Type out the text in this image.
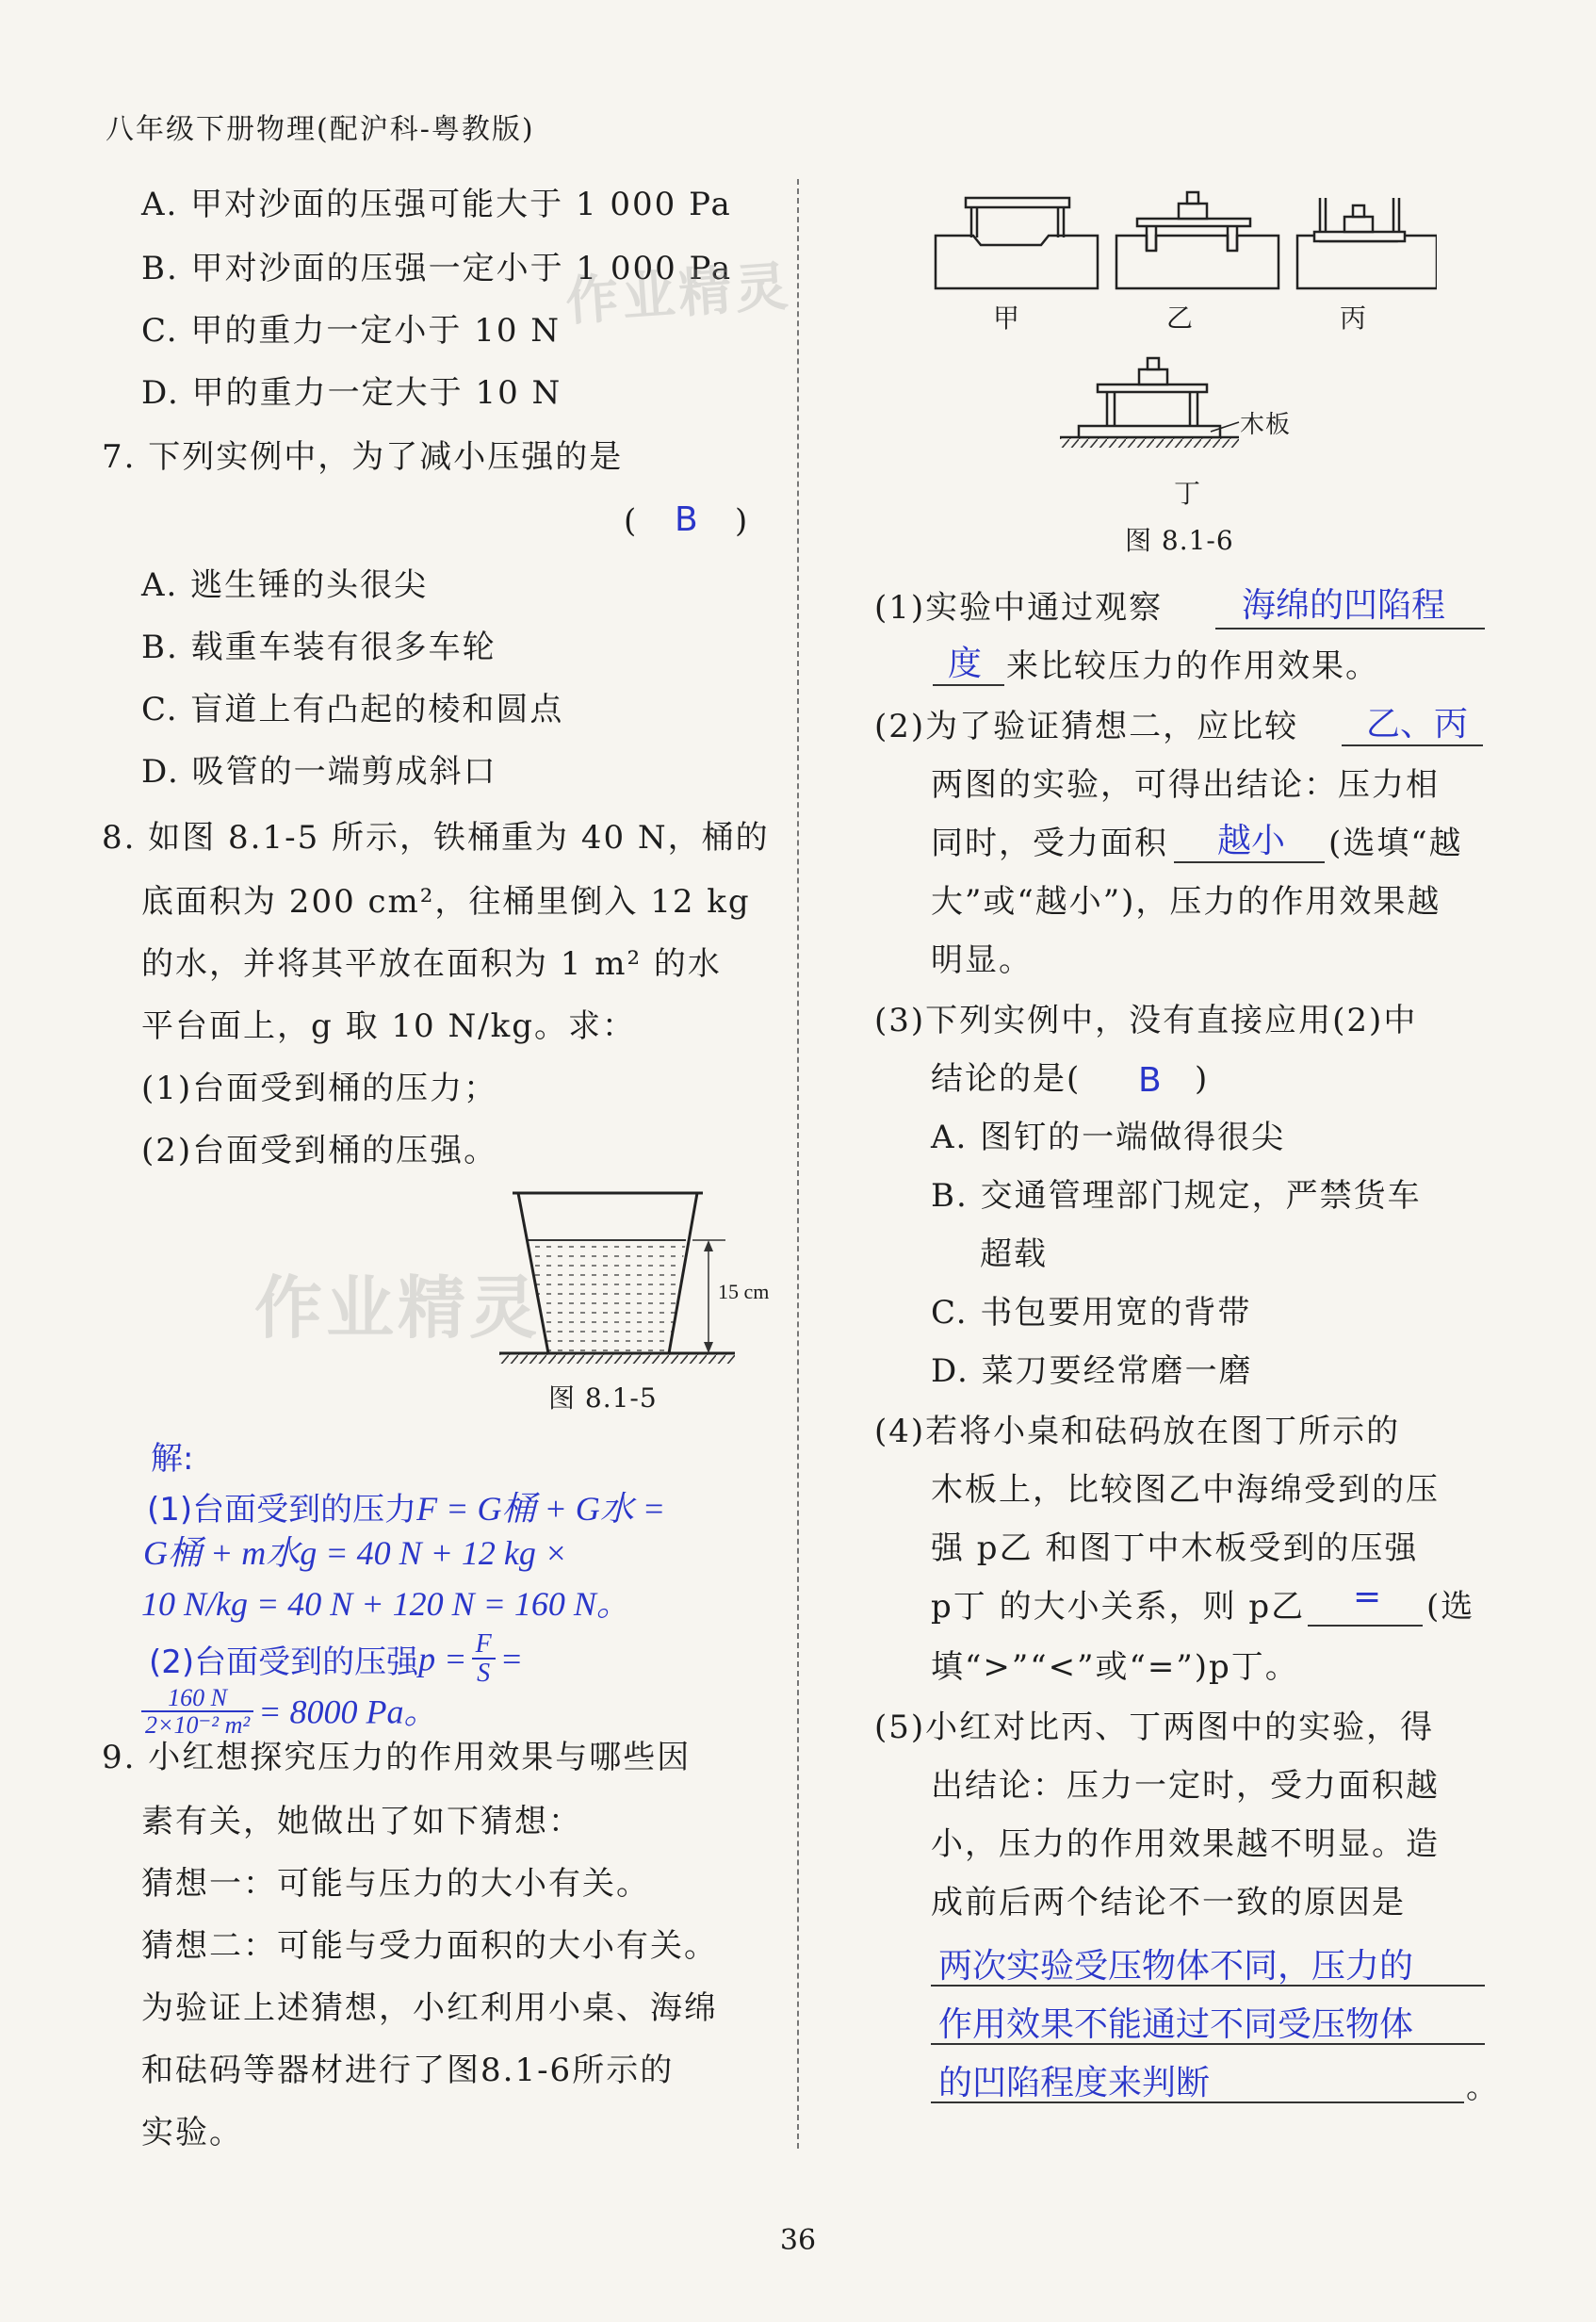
八年级下册物理(配沪科-粤教版)
A. 甲对沙面的压强可能大于 1 000 Pa
B. 甲对沙面的压强一定小于 1 000 Pa
C. 甲的重力一定小于 10 N
D. 甲的重力一定大于 10 N
作业精灵
7. 下列实例中，为了减小压强的是
( B )
A. 逃生锤的头很尖
B. 载重车装有很多车轮
C. 盲道上有凸起的棱和圆点
D. 吸管的一端剪成斜口
8. 如图 8.1-5 所示，铁桶重为 40 N，桶的
底面积为 200 cm²，往桶里倒入 12 kg
的水，并将其平放在面积为 1 m² 的水
平台面上，g 取 10 N/kg。求：
(1)台面受到桶的压力；
(2)台面受到桶的压强。
15 cm
图 8.1-5
作业精灵
解:
(1)台面受到的压力F = G桶 + G水 =
G桶 + m水g = 40 N + 12 kg ×
10 N/kg = 40 N + 120 N = 160 N。
(2)台面受到的压强$p = \frac{F}{S}$ =
$\frac{160 N}{\text{2×10⁻² m²}} = 8000$ Pa。
9. 小红想探究压力的作用效果与哪些因
素有关，她做出了如下猜想：
猜想一：可能与压力的大小有关。
猜想二：可能与受力面积的大小有关。
为验证上述猜想，小红利用小桌、海绵
和砝码等器材进行了图8.1-6所示的
实验。
甲	乙	丙
木板
丁
图 8.1-6
(1)实验中通过观察 海绵的凹陷程
度 来比较压力的作用效果。
(2)为了验证猜想二，应比较 乙、丙
两图的实验，可得出结论：压力相
同时，受力面积 越小 (选填“越
大”或“越小”)，压力的作用效果越
明显。
(3)下列实例中，没有直接应用(2)中
结论的是( B )
A. 图钉的一端做得很尖
B. 交通管理部门规定，严禁货车
超载
C. 书包要用宽的背带
D. 菜刀要经常磨一磨
(4)若将小桌和砝码放在图丁所示的
木板上，比较图乙中海绵受到的压
强 p乙 和图丁中木板受到的压强
p丁 的大小关系，则 p乙 = (选
填“>”“<”或“=”)p丁。
(5)小红对比丙、丁两图中的实验，得
出结论：压力一定时，受力面积越
小，压力的作用效果越不明显。造
成前后两个结论不一致的原因是
两次实验受压物体不同，压力的
作用效果不能通过不同受压物体
的凹陷程度来判断	。
36
